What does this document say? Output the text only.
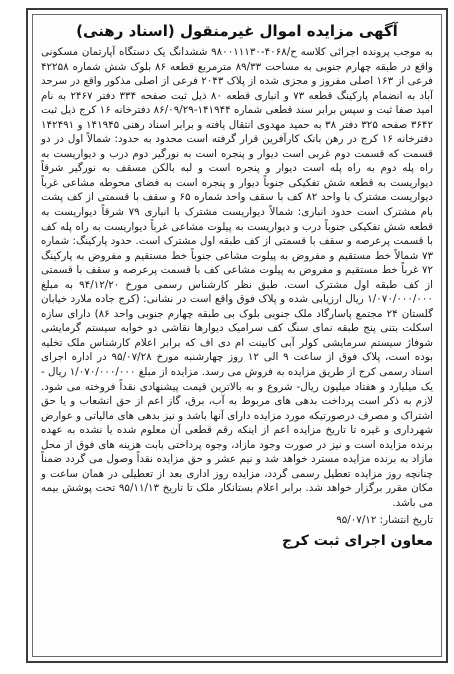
آگهی مزایده اموال غیرمنقول (اسناد رهنی)

به موجب پرونده اجرائی کلاسه ح/۴۰۶۸-۹۸۰۰۱۱۱۳۰ ششدانگ یک دستگاه آپارتمان مسکونی واقع در طبقه چهارم جنوبی به مساحت ۸۹/۳۳ مترمربع قطعه ۸۶ بلوک شش شماره ۴۲۲۵۸ فرعی از ۱۶۳ اصلی مفروز و مجزی شده از پلاک ۲۰۴۳ فرعی از اصلی مذکور واقع در سرحد آباد به انضمام پارکینگ قطعه ۷۳ و انباری قطعه ۸۰ ذیل ثبت صفحه ۳۳۴ دفتر ۲۴۶۷ به نام امید صفا ثبت و سپس برابر سند قطعی شماره ۱۴۱۹۴۴-۸۶/۰۹/۲۹ دفترخانه ۱۶ کرج ذیل ثبت ۳۶۴۲ صفحه ۳۲۵ دفتر ۳۸ به حمید مهدوی انتقال یافته و برابر اسناد رهنی ۱۴۱۹۴۵ و ۱۴۲۴۹۱ دفترخانه ۱۶ کرج در رهن بانک کارآفرین قرار گرفته است محدود به حدود: شمالاً اول در دو قسمت که قسمت دوم غربی است دیوار و پنجره است به نورگیر دوم درب و دیواریست به راه پله دوم به راه پله است دیوار و پنجره است و لبه بالکن مسقف به نورگیر شرقاً دیواریست به قطعه شش تفکیکی جنوباً دیوار و پنجره است به فضای محوطه مشاعی غرباً دیواریست مشترک با واحد ۸۲ کف با سقف واحد شماره ۶۵ و سقف با قسمتی از کف پشت بام مشترک است حدود انباری: شمالاً دیواریست مشترک با انباری ۷۹ شرقاً دیواریست به قطعه شش تفکیکی جنوباً درب و دیواریست به پیلوت مشاعی غرباً دیواریست به راه پله کف با قسمت پرعرصه و سقف با قسمتی از کف طبقه اول مشترک است. حدود پارکینگ: شماره ۷۳ شمالاً خط مستقیم و مفروض به پیلوت مشاعی جنوباً خط مستقیم و مفروض به پارکینگ ۷۲ غرباً خط مستقیم و مفروض به پیلوت مشاعی کف با قسمت پرعرصه و سقف با قسمتی از کف طبقه اول مشترک است. طبق نظر کارشناس رسمی مورخ ۹۴/۱۲/۲۰ به مبلغ ۱/۰۷۰/۰۰۰/۰۰۰ ریال ارزیابی شده و پلاک فوق واقع است در نشانی: (کرج جاده ملارد خیابان گلستان ۲۴ مجتمع پاسارگاد ملک جنوبی بلوک بی طبقه چهارم جنوبی واحد ۸۶) دارای سازه اسکلت بتنی پنج طبقه نمای سنگ کف سرامیک دیوارها نقاشی دو خوابه سیستم گرمایشی شوفاژ سیستم سرمایشی کولر آبی کابینت ام دی اف که برابر اعلام کارشناس ملک تخلیه بوده است، پلاک فوق از ساعت ۹ الی ۱۲ روز چهارشنبه مورخ ۹۵/۰۷/۲۸ در اداره اجرای اسناد رسمی کرج از طریق مزایده به فروش می رسد. مزایده از مبلغ ۱/۰۷۰/۰۰۰/۰۰۰ ریال - یک میلیارد و هفتاد میلیون ریال- شروع و به بالاترین قیمت پیشنهادی نقداً فروخته می شود. لازم به ذکر است پرداخت بدهی های مربوط به آب، برق، گاز اعم از حق انشعاب و یا حق اشتراک و مصرف درصورتیکه مورد مزایده دارای آنها باشد و نیز بدهی های مالیاتی و عوارض شهرداری و غیره تا تاریخ مزایده اعم از اینکه رقم قطعی آن معلوم شده یا نشده به عهده برنده مزایده است و نیز در صورت وجود مازاد، وجوه پرداختی بابت هزینه های فوق از محل مازاد به برنده مزایده مسترد خواهد شد و نیم عشر و حق مزایده نقداً وصول می گردد ضمناً چنانچه روز مزایده تعطیل رسمی گردد، مزایده روز اداری بعد از تعطیلی در همان ساعت و مکان مقرر برگزار خواهد شد. برابر اعلام بستانکار ملک تا تاریخ ۹۵/۱۱/۱۳ تحت پوشش بیمه می باشد.

تاریخ انتشار: ۹۵/۰۷/۱۲
معاون اجرای ثبت کرج
